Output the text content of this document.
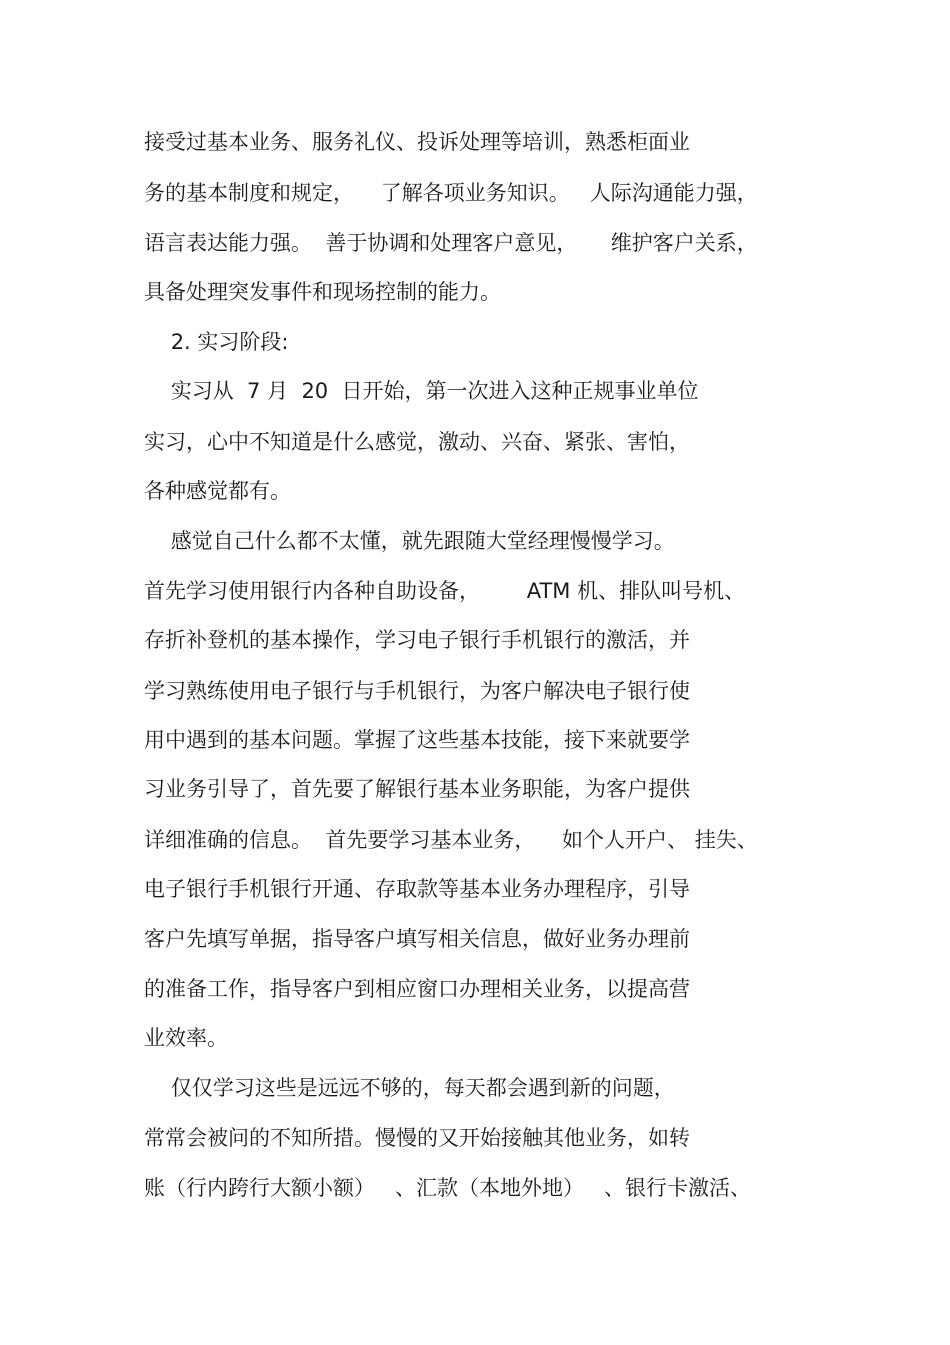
接受过基本业务、服务礼仪、投诉处理等培训，熟悉柜面业

务的基本制度和规定，    了解各项业务知识。   人际沟通能力强，

语言表达能力强。  善于协调和处理客户意见，     维护客户关系，

具备处理突发事件和现场控制的能力。

2. 实习阶段:

实习从  7 月  20  日开始，第一次进入这种正规事业单位

实习，心中不知道是什么感觉，激动、兴奋、紧张、害怕，

各种感觉都有。

感觉自己什么都不太懂，就先跟随大堂经理慢慢学习。

首先学习使用银行内各种自助设备，       ATM 机、排队叫号机、

存折补登机的基本操作，学习电子银行手机银行的激活，并

学习熟练使用电子银行与手机银行，为客户解决电子银行使

用中遇到的基本问题。掌握了这些基本技能，接下来就要学

习业务引导了，首先要了解银行基本业务职能，为客户提供

详细准确的信息。  首先要学习基本业务，    如个人开户、 挂失、

电子银行手机银行开通、存取款等基本业务办理程序，引导

客户先填写单据，指导客户填写相关信息，做好业务办理前

的准备工作，指导客户到相应窗口办理相关业务，以提高营

业效率。

仅仅学习这些是远远不够的，每天都会遇到新的问题，

常常会被问的不知所措。慢慢的又开始接触其他业务，如转

账（行内跨行大额小额）   、汇款（本地外地）   、银行卡激活、
